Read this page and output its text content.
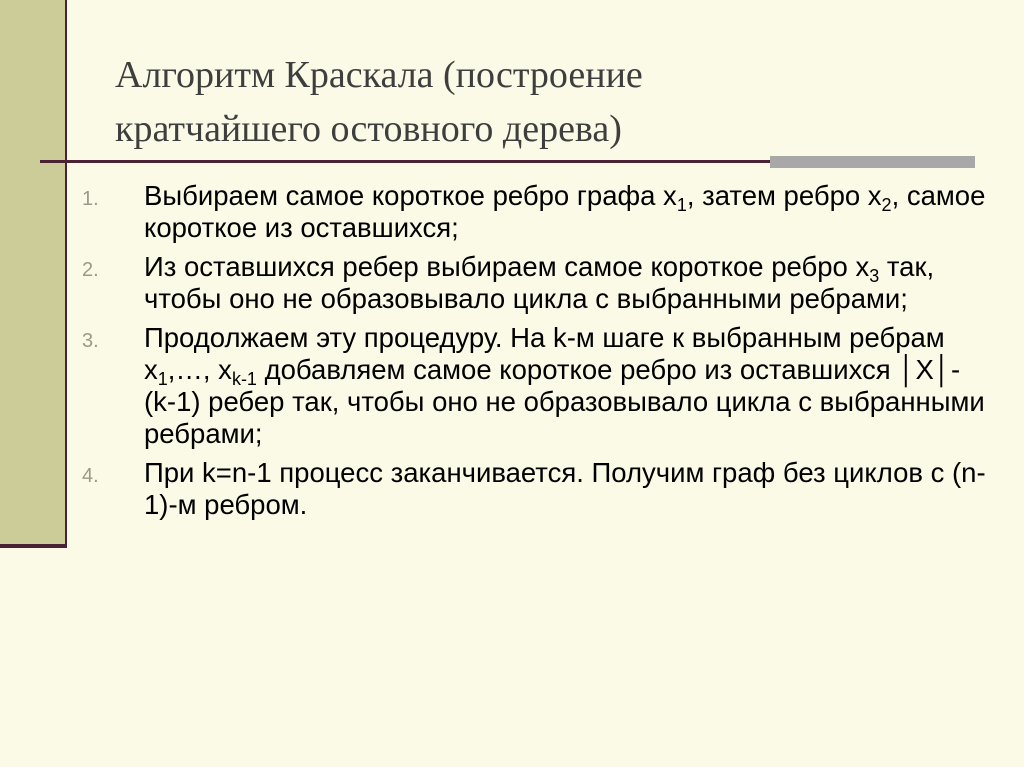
Алгоритм Краскала (построение
кратчайшего остовного дерева)
1. Выбираем самое короткое ребро графа $x_1$, затем ребро $x_2$, самое короткое из оставшихся;
2. Из оставшихся ребер выбираем самое короткое ребро $x_3$ так, чтобы оно не образовывало цикла с выбранными ребрами;
3. Продолжаем эту процедуру. На k-м шаге к выбранным ребрам $x_1,\dots$, $x_{k-1}$ добавляем самое короткое ребро из оставшихся │X│-(k-1) ребер так, чтобы оно не образовывало цикла с выбранными ребрами;
4. При k=n-1 процесс заканчивается. Получим граф без циклов с (n-1)-м ребром.
